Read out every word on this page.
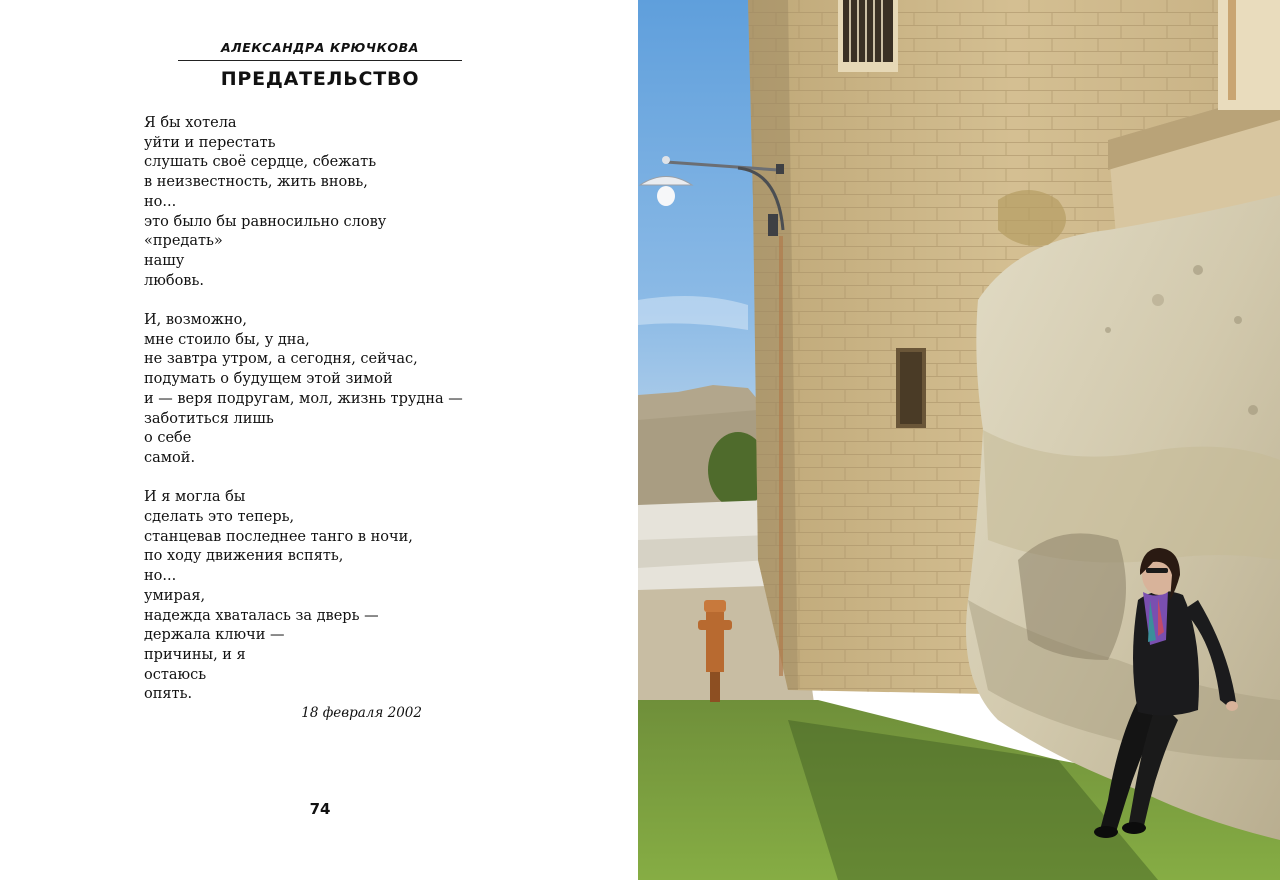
АЛЕКСАНДРА КРЮЧКОВА
ПРЕДАТЕЛЬСТВО
Я бы хотела
уйти и перестать
слушать своё сердце, сбежать
в неизвестность, жить вновь,
но...
это было бы равносильно слову
«предать»
нашу
любовь.
И, возможно,
мне стоило бы, у дна,
не завтра утром, а сегодня, сейчас,
подумать о будущем этой зимой
и — веря подругам, мол, жизнь трудна —
заботиться лишь
о себе
самой.
И я могла бы
сделать это теперь,
станцевав последнее танго в ночи,
по ходу движения вспять,
но...
умирая,
надежда хваталась за дверь —
держала ключи —
причины, и я
остаюсь
опять.
18 февраля 2002
74
